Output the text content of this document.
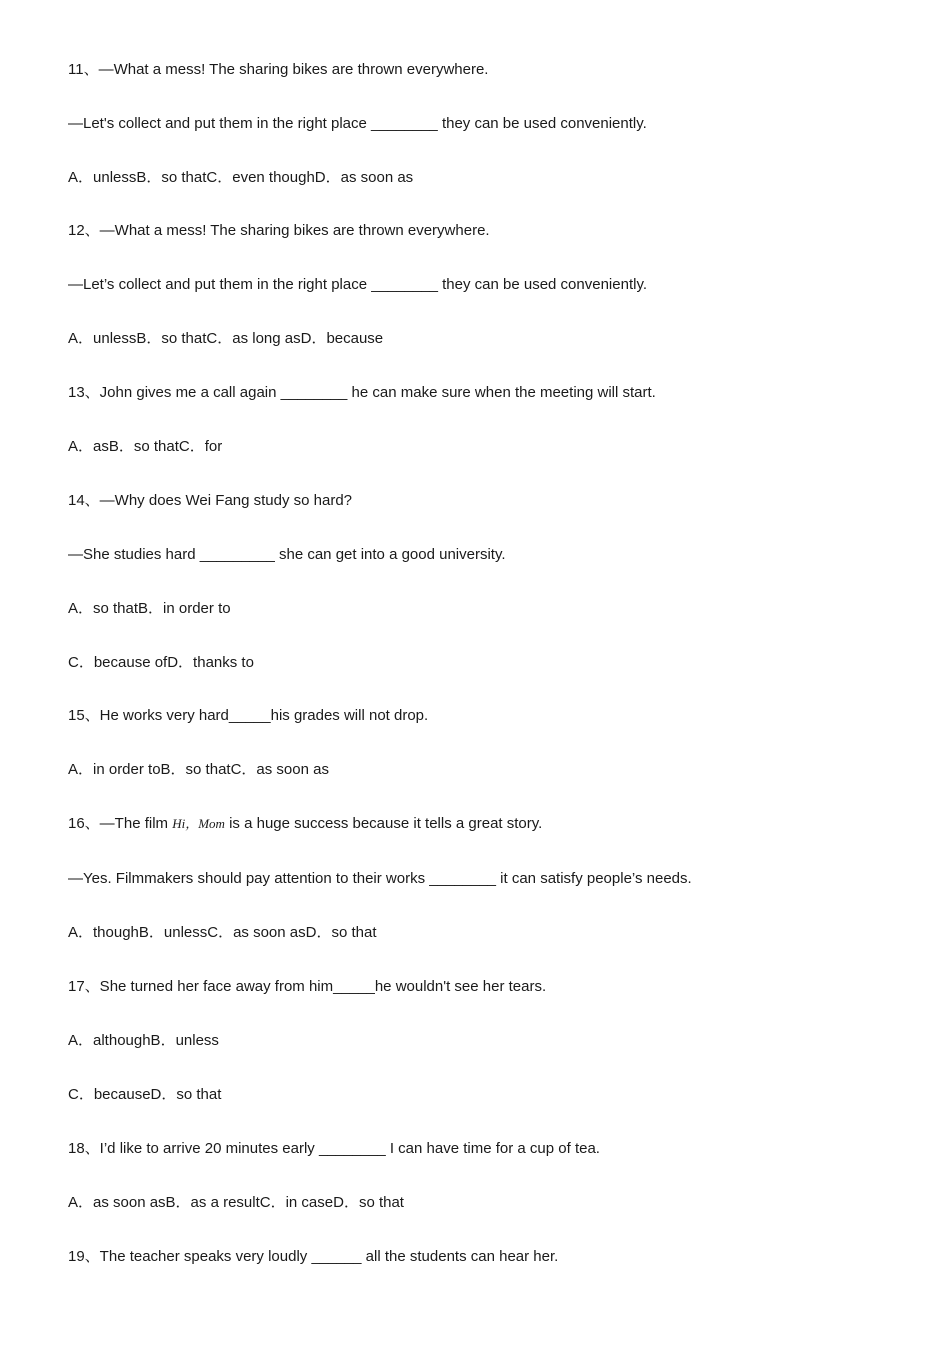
11、—What a mess! The sharing bikes are thrown everywhere.
—Let's collect and put them in the right place ________ they can be used conveniently.
A．unlessB．so thatC．even thoughD．as soon as
12、—What a mess! The sharing bikes are thrown everywhere.
—Let’s collect and put them in the right place ________ they can be used conveniently.
A．unlessB．so thatC．as long asD．because
13、John gives me a call again ________ he can make sure when the meeting will start.
A．asB．so thatC．for
14、—Why does Wei Fang study so hard?
—She studies hard _________ she can get into a good university.
A．so thatB．in order to
C．because ofD．thanks to
15、He works very hard_____his grades will not drop.
A．in order toB．so thatC．as soon as
16、—The film Hi，Mom is a huge success because it tells a great story.
—Yes. Filmmakers should pay attention to their works ________ it can satisfy people’s needs.
A．thoughB．unlessC．as soon asD．so that
17、She turned her face away from him_____he wouldn't see her tears.
A．althoughB．unless
C．becauseD．so that
18、I’d like to arrive 20 minutes early ________ I can have time for a cup of tea.
A．as soon asB．as a resultC．in caseD．so that
19、The teacher speaks very loudly ______ all the students can hear her.
